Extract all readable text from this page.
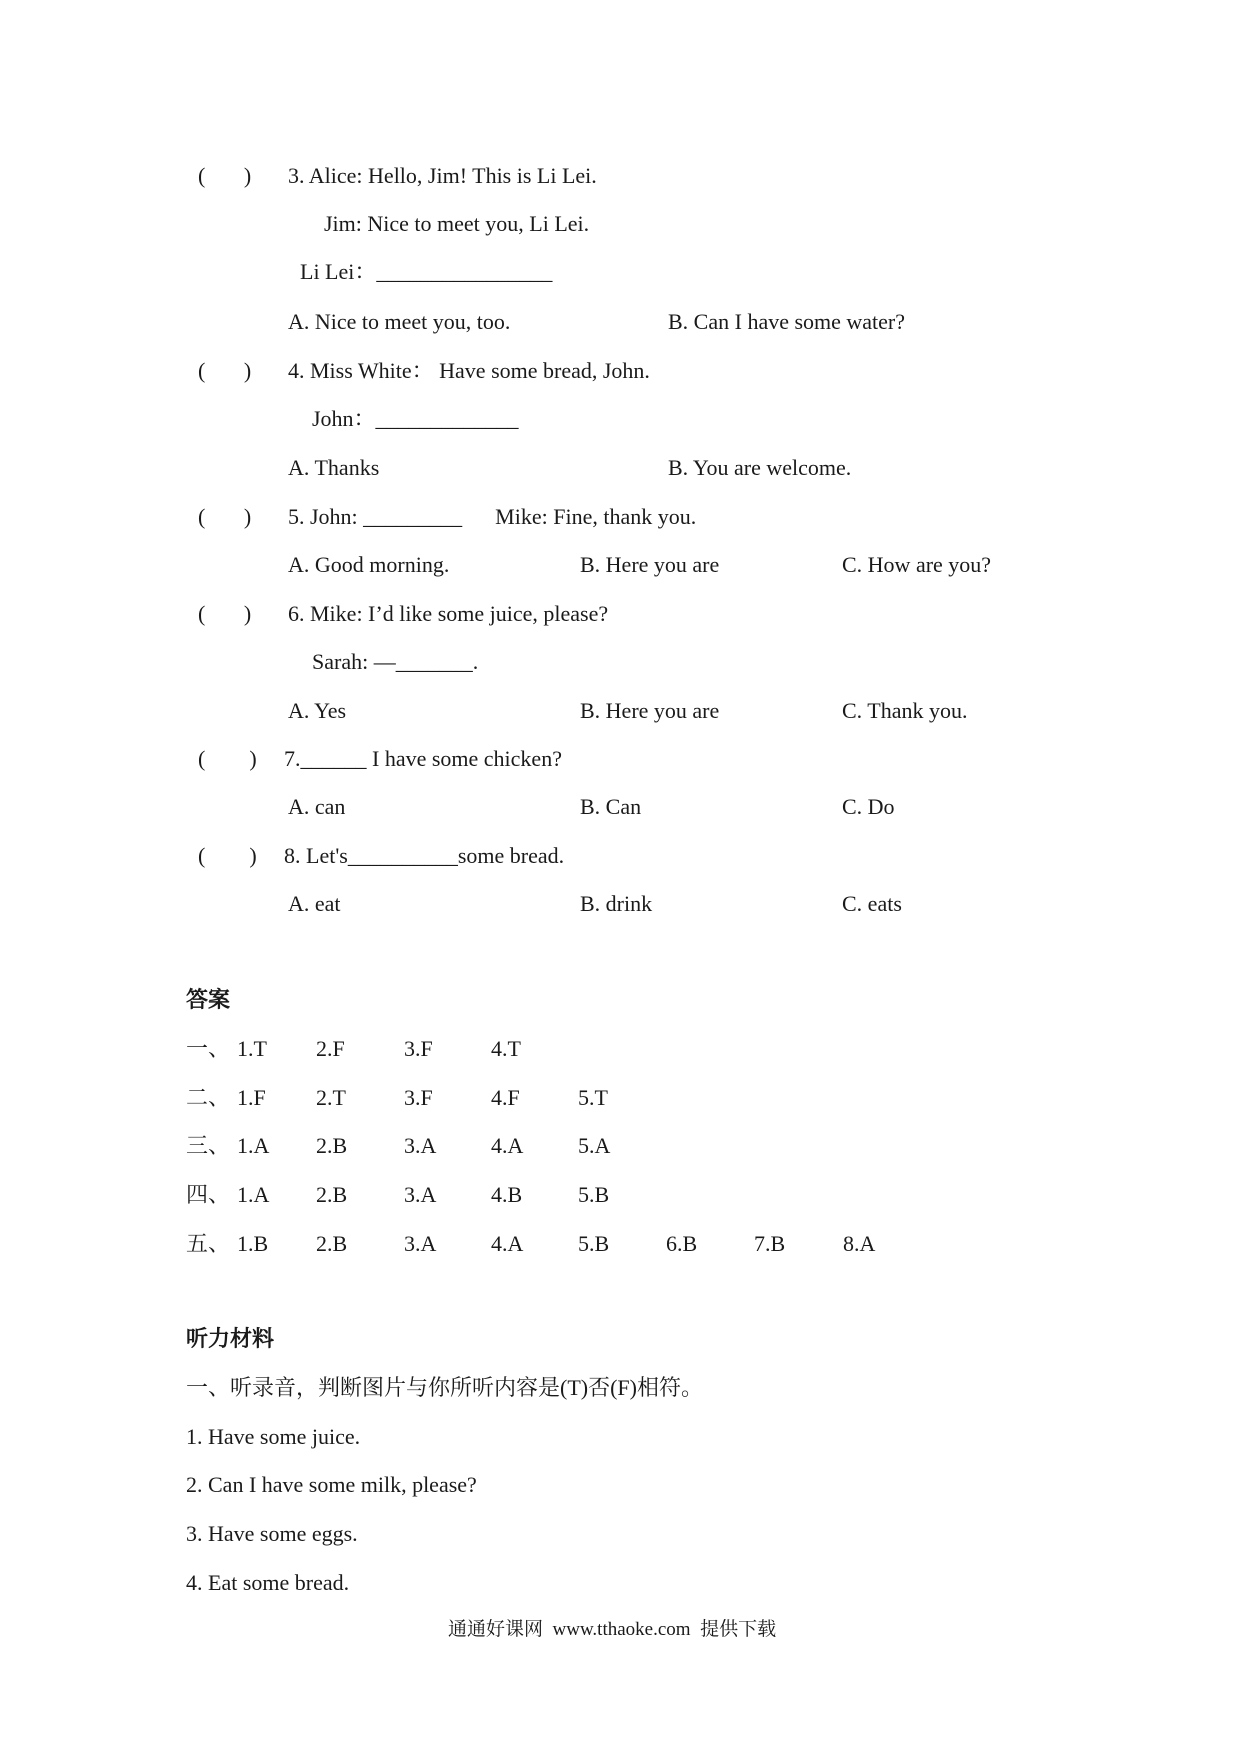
(       ) 3. Alice: Hello, Jim! This is Li Lei.
Jim: Nice to meet you, Li Lei.
Li Lei：________________
A. Nice to meet you, too.	B. Can I have some water?
(       ) 4. Miss White： Have some bread, John.
John：_____________
A. Thanks	B. You are welcome.
(       ) 5. John: _________      Mike: Fine, thank you.
A. Good morning.	B. Here you are	C. How are you?
(       ) 6. Mike: I’d like some juice, please?
Sarah: —_______.
A. Yes	B. Here you are	C. Thank you.
(        ) 7.______ I have some chicken?
A. can	B. Can	C. Do
(        ) 8. Let's__________some bread.
A. eat	B. drink	C. eats
答案
一、 1.T 2.F	3.F	4.T
二、 1.F 2.T	3.F	4.F	5.T
三、 1.A 2.B	3.A 4.A 5.A
四、 1.A 2.B	3.A 4.B	5.B
五、 1.B 2.B	3.A 4.A 5.B	6.B	7.B	8.A
听力材料
一、听录音，判断图片与你所听内容是(T)否(F)相符。
1. Have some juice.
2. Can I have some milk, please?
3. Have some eggs.
4. Eat some bread.
通通好课网  www.tthaoke.com  提供下载
